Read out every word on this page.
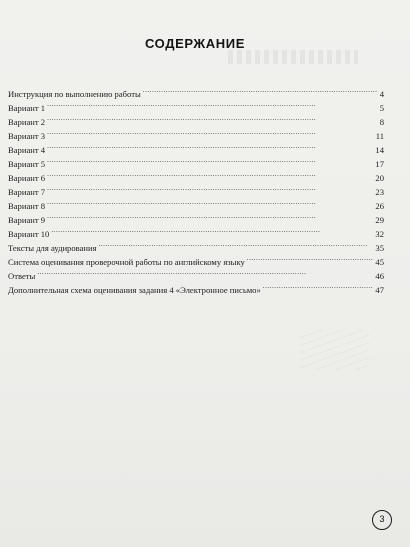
СОДЕРЖАНИЕ
Инструкция по выполнению работы . . .	4
Вариант 1 . . .	5
Вариант 2 . . .	8
Вариант 3 . . .	11
Вариант 4 . . .	14
Вариант 5 . . .	17
Вариант 6 . . .	20
Вариант 7 . . .	23
Вариант 8 . . .	26
Вариант 9 . . .	29
Вариант 10 . . .	32
Тексты для аудирования . . .	35
Система оценивания проверочной работы по английскому языку . . .	45
Ответы . . .	46
Дополнительная схема оценивания задания 4 «Электронное письмо» . . .	47
3
